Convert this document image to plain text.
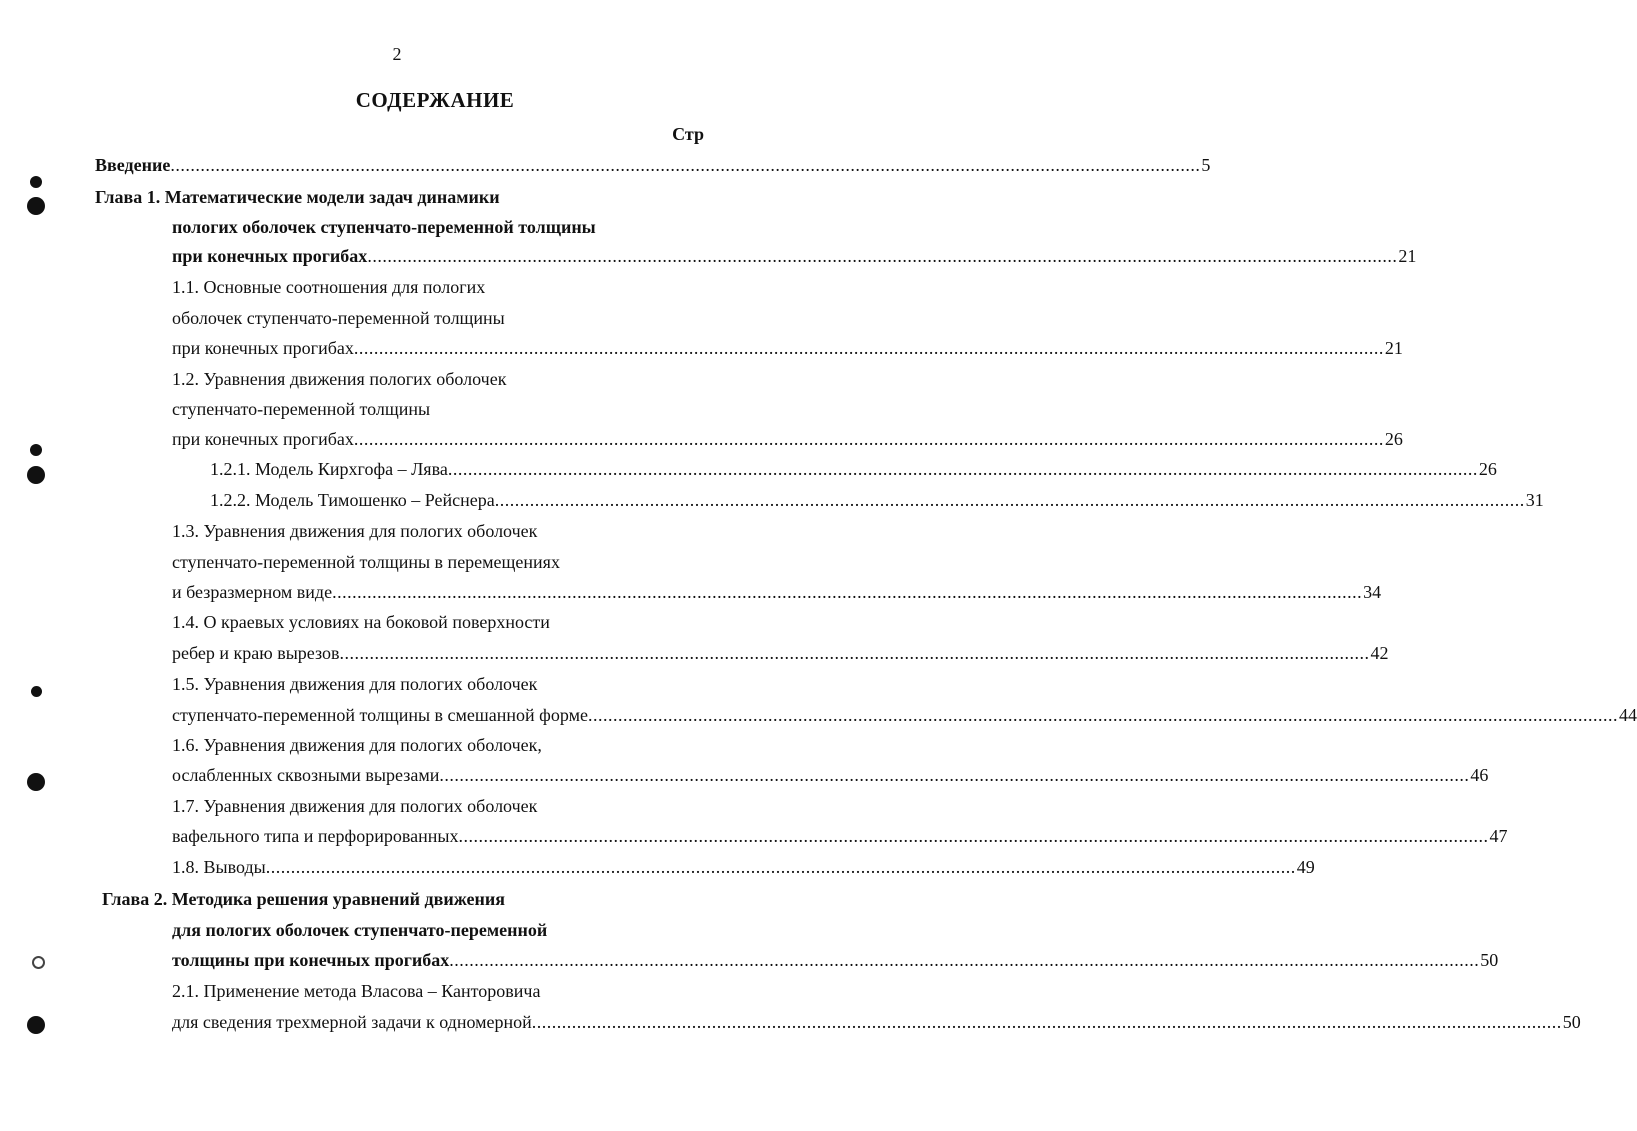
2
СОДЕРЖАНИЕ
Стр
Введение .............................................................................................................................................................................................................. 5
Глава 1. Математические модели задач динамики
пологих оболочек ступенчато-переменной толщины
при конечных прогибах .............................................................................................................................................................................................................. 21
1.1. Основные соотношения для пологих
оболочек ступенчато-переменной толщины
при конечных прогибах .............................................................................................................................................................................................................. 21
1.2. Уравнения движения пологих оболочек
ступенчато-переменной толщины
при конечных прогибах .............................................................................................................................................................................................................. 26
1.2.1. Модель Кирхгофа – Лява .............................................................................................................................................................................................................. 26
1.2.2. Модель Тимошенко – Рейснера .............................................................................................................................................................................................................. 31
1.3. Уравнения движения для пологих оболочек
ступенчато-переменной толщины в перемещениях
и безразмерном виде .............................................................................................................................................................................................................. 34
1.4. О краевых условиях на боковой поверхности
ребер и краю вырезов .............................................................................................................................................................................................................. 42
1.5. Уравнения движения для пологих оболочек
ступенчато-переменной толщины в смешанной форме .............................................................................................................................................................................................................. 44
1.6. Уравнения движения для пологих оболочек,
ослабленных сквозными вырезами .............................................................................................................................................................................................................. 46
1.7. Уравнения движения для пологих оболочек
вафельного типа и перфорированных .............................................................................................................................................................................................................. 47
1.8. Выводы .............................................................................................................................................................................................................. 49
Глава 2. Методика решения уравнений движения
для пологих оболочек ступенчато-переменной
толщины при конечных прогибах .............................................................................................................................................................................................................. 50
2.1. Применение метода Власова – Канторовича
для сведения трехмерной задачи к одномерной .............................................................................................................................................................................................................. 50
